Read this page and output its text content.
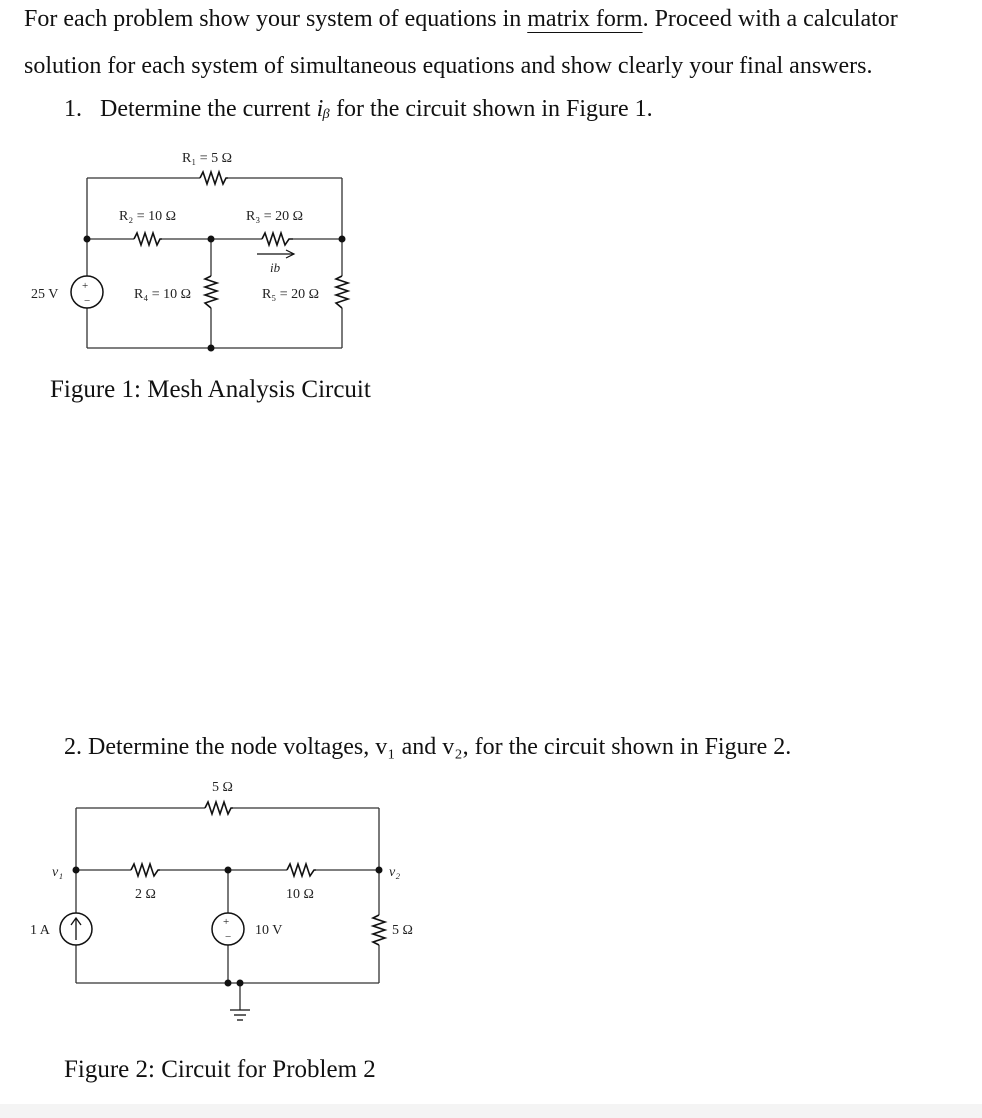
For each problem show your system of equations in matrix form. Proceed with a calculator
solution for each system of simultaneous equations and show clearly your final answers.
1. Determine the current iᵦ for the circuit shown in Figure 1.
+
−
R₁ = 5 Ω
R₂ = 10 Ω	R₃ = 20 Ω
R₄ = 10 Ω	R₅ = 20 Ω
25 V
ib
+
−
5 Ω
2 Ω	10 Ω
5 Ω
v₁	v₂
1 A	10 V
Figure 1: Mesh Analysis Circuit
2. Determine the node voltages, v₁ and v₂, for the circuit shown in Figure 2.
Figure 2: Circuit for Problem 2
